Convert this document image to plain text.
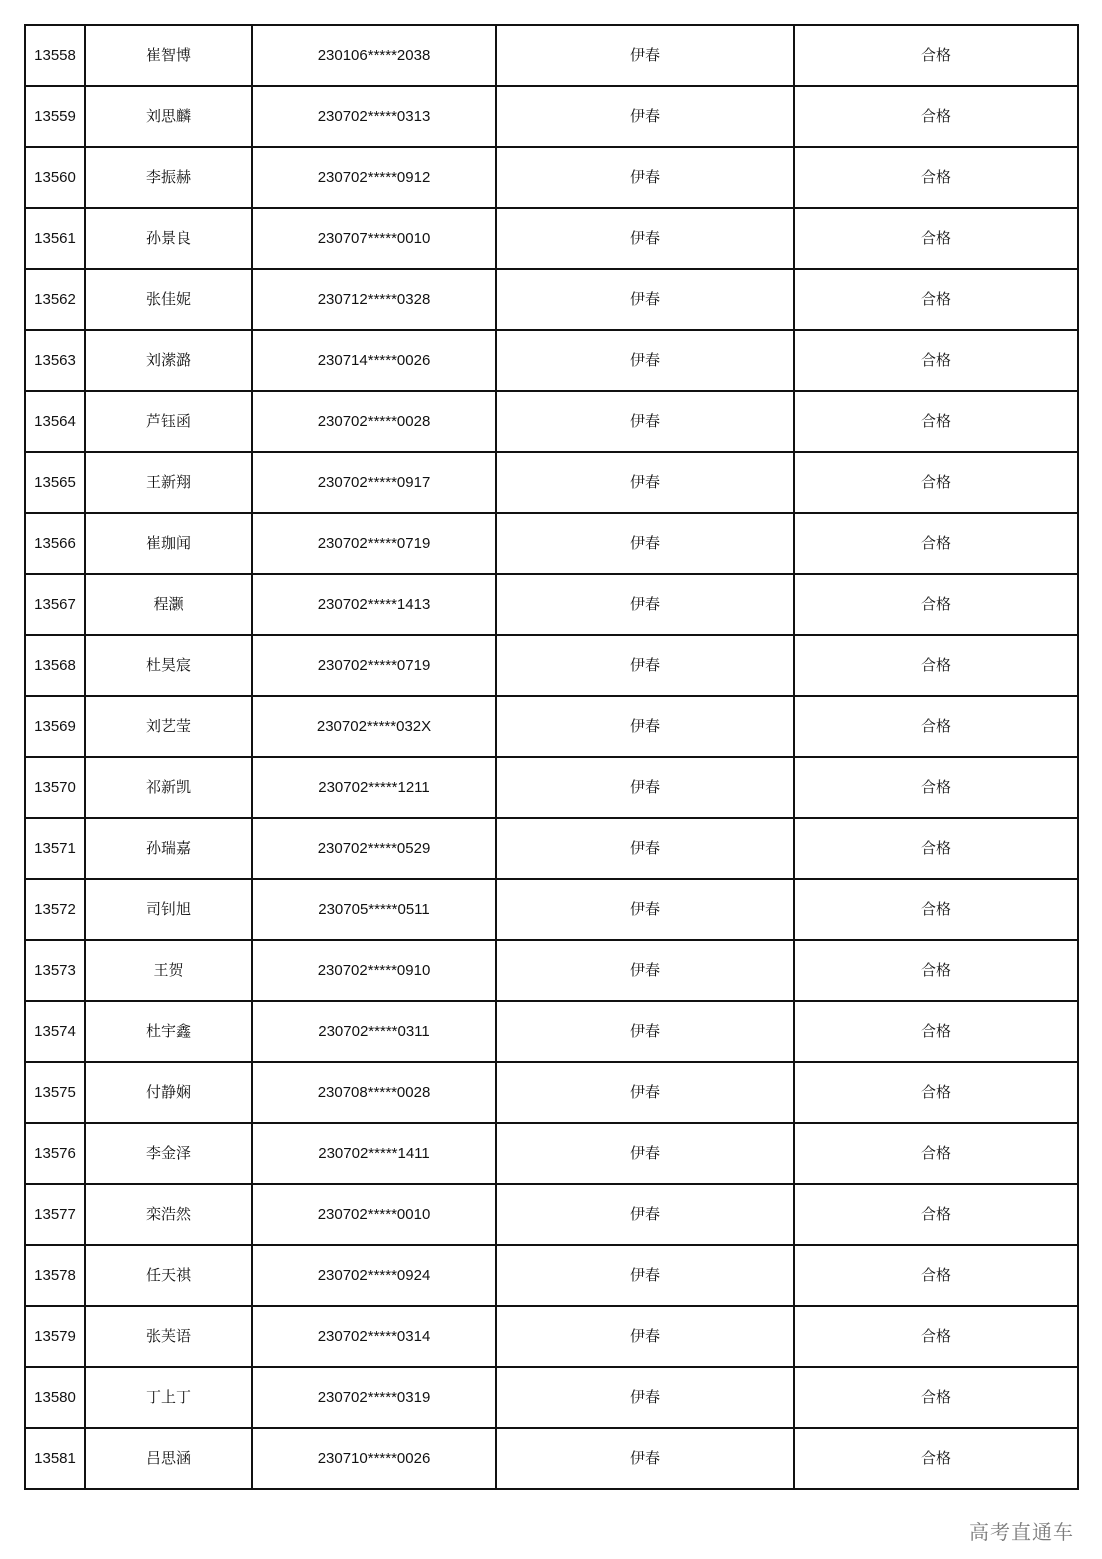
13558	崔智博	230106*****2038	伊春	合格
13559	刘思麟	230702*****0313	伊春	合格
13560	李振赫	230702*****0912	伊春	合格
13561	孙景良	230707*****0010	伊春	合格
13562	张佳妮	230712*****0328	伊春	合格
13563	刘潆潞	230714*****0026	伊春	合格
13564	芦钰函	230702*****0028	伊春	合格
13565	王新翔	230702*****0917	伊春	合格
13566	崔珈闻	230702*****0719	伊春	合格
13567	程灏	230702*****1413	伊春	合格
13568	杜昊宸	230702*****0719	伊春	合格
13569	刘艺莹	230702*****032X	伊春	合格
13570	祁新凯	230702*****1211	伊春	合格
13571	孙瑞嘉	230702*****0529	伊春	合格
13572	司钊旭	230705*****0511	伊春	合格
13573	王贺	230702*****0910	伊春	合格
13574	杜宇鑫	230702*****0311	伊春	合格
13575	付静娴	230708*****0028	伊春	合格
13576	李金泽	230702*****1411	伊春	合格
13577	栾浩然	230702*****0010	伊春	合格
13578	任天祺	230702*****0924	伊春	合格
13579	张芙语	230702*****0314	伊春	合格
13580	丁上丁	230702*****0319	伊春	合格
13581	吕思涵	230710*****0026	伊春	合格
高考直通车
